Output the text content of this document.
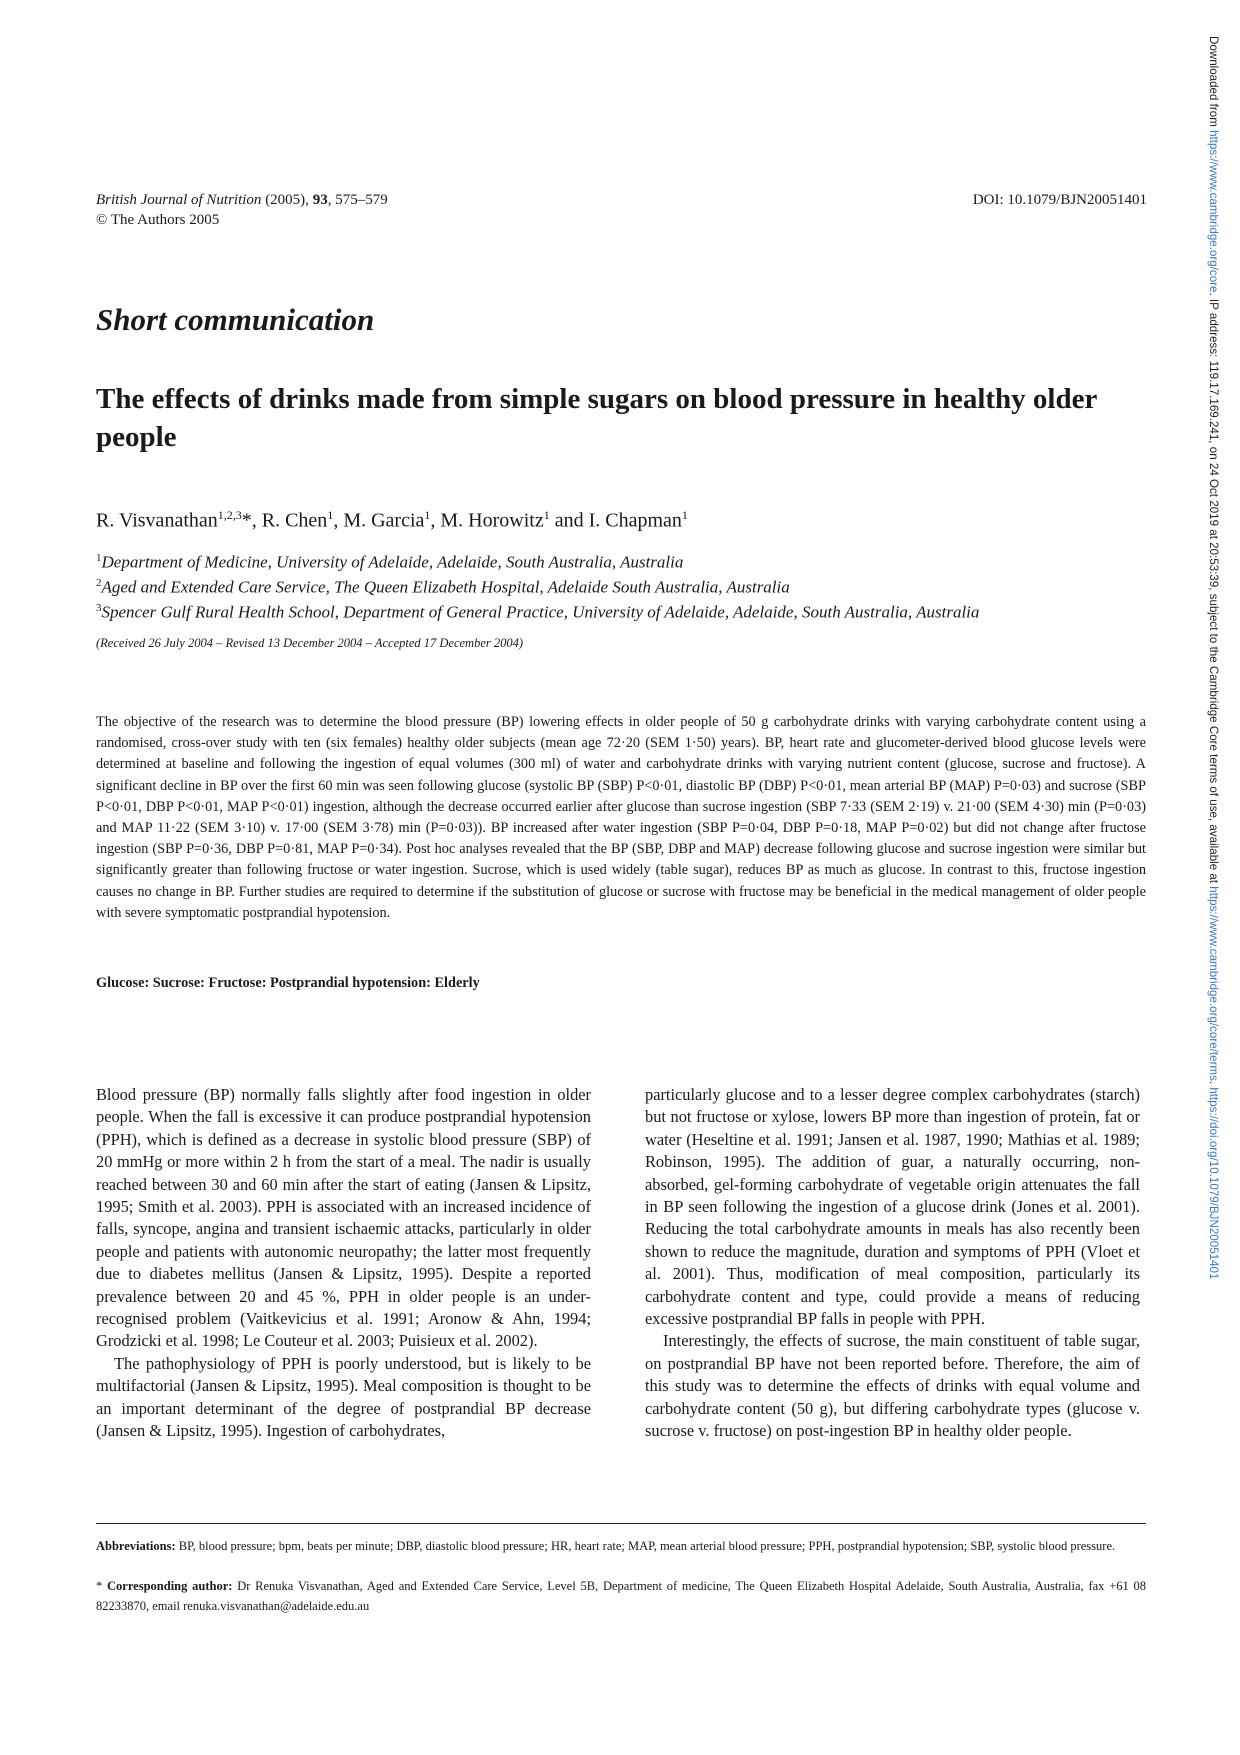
British Journal of Nutrition (2005), 93, 575–579
© The Authors 2005
DOI: 10.1079/BJN20051401
Short communication
The effects of drinks made from simple sugars on blood pressure in healthy older people
R. Visvanathan$^{1,2,3}$*, R. Chen$^1$, M. Garcia$^1$, M. Horowitz$^1$ and I. Chapman$^1$
$^1$Department of Medicine, University of Adelaide, Adelaide, South Australia, Australia
$^2$Aged and Extended Care Service, The Queen Elizabeth Hospital, Adelaide South Australia, Australia
$^3$Spencer Gulf Rural Health School, Department of General Practice, University of Adelaide, Adelaide, South Australia, Australia
(Received 26 July 2004 – Revised 13 December 2004 – Accepted 17 December 2004)

The objective of the research was to determine the blood pressure (BP) lowering effects in older people of 50 g carbohydrate drinks with varying carbohydrate content using a randomised, cross-over study with ten (six females) healthy older subjects (mean age 72·20 (SEM 1·50) years). BP, heart rate and glucometer-derived blood glucose levels were determined at baseline and following the ingestion of equal volumes (300 ml) of water and carbohydrate drinks with varying nutrient content (glucose, sucrose and fructose). A significant decline in BP over the first 60 min was seen following glucose (systolic BP (SBP) P<0·01, diastolic BP (DBP) P<0·01, mean arterial BP (MAP) P=0·03) and sucrose (SBP P<0·01, DBP P<0·01, MAP P<0·01) ingestion, although the decrease occurred earlier after glucose than sucrose ingestion (SBP 7·33 (SEM 2·19) v. 21·00 (SEM 4·30) min (P=0·03) and MAP 11·22 (SEM 3·10) v. 17·00 (SEM 3·78) min (P=0·03)). BP increased after water ingestion (SBP P=0·04, DBP P=0·18, MAP P=0·02) but did not change after fructose ingestion (SBP P=0·36, DBP P=0·81, MAP P=0·34). Post hoc analyses revealed that the BP (SBP, DBP and MAP) decrease following glucose and sucrose ingestion were similar but significantly greater than following fructose or water ingestion. Sucrose, which is used widely (table sugar), reduces BP as much as glucose. In contrast to this, fructose ingestion causes no change in BP. Further studies are required to determine if the substitution of glucose or sucrose with fructose may be beneficial in the medical management of older people with severe symptomatic postprandial hypotension.

Glucose: Sucrose: Fructose: Postprandial hypotension: Elderly

Blood pressure (BP) normally falls slightly after food ingestion in older people. When the fall is excessive it can produce postprandial hypotension (PPH), which is defined as a decrease in systolic blood pressure (SBP) of 20 mmHg or more within 2 h from the start of a meal. The nadir is usually reached between 30 and 60 min after the start of eating (Jansen & Lipsitz, 1995; Smith et al. 2003). PPH is associated with an increased incidence of falls, syncope, angina and transient ischaemic attacks, particularly in older people and patients with autonomic neuropathy; the latter most frequently due to diabetes mellitus (Jansen & Lipsitz, 1995). Despite a reported prevalence between 20 and 45 %, PPH in older people is an under-recognised problem (Vaitkevicius et al. 1991; Aronow & Ahn, 1994; Grodzicki et al. 1998; Le Couteur et al. 2003; Puisieux et al. 2002).

The pathophysiology of PPH is poorly understood, but is likely to be multifactorial (Jansen & Lipsitz, 1995). Meal composition is thought to be an important determinant of the degree of postprandial BP decrease (Jansen & Lipsitz, 1995). Ingestion of carbohydrates,

particularly glucose and to a lesser degree complex carbohydrates (starch) but not fructose or xylose, lowers BP more than ingestion of protein, fat or water (Heseltine et al. 1991; Jansen et al. 1987, 1990; Mathias et al. 1989; Robinson, 1995). The addition of guar, a naturally occurring, non-absorbed, gel-forming carbohydrate of vegetable origin attenuates the fall in BP seen following the ingestion of a glucose drink (Jones et al. 2001). Reducing the total carbohydrate amounts in meals has also recently been shown to reduce the magnitude, duration and symptoms of PPH (Vloet et al. 2001). Thus, modification of meal composition, particularly its carbohydrate content and type, could provide a means of reducing excessive postprandial BP falls in people with PPH.

Interestingly, the effects of sucrose, the main constituent of table sugar, on postprandial BP have not been reported before. Therefore, the aim of this study was to determine the effects of drinks with equal volume and carbohydrate content (50 g), but differing carbohydrate types (glucose v. sucrose v. fructose) on post-ingestion BP in healthy older people.

Abbreviations: BP, blood pressure; bpm, beats per minute; DBP, diastolic blood pressure; HR, heart rate; MAP, mean arterial blood pressure; PPH, postprandial hypotension; SBP, systolic blood pressure.

* Corresponding author: Dr Renuka Visvanathan, Aged and Extended Care Service, Level 5B, Department of medicine, The Queen Elizabeth Hospital Adelaide, South Australia, Australia, fax +61 08 82233870, email renuka.visvanathan@adelaide.edu.au

Downloaded from https://www.cambridge.org/core. IP address: 119.17.169.241, on 24 Oct 2019 at 20:53:39, subject to the Cambridge Core terms of use, available at https://www.cambridge.org/core/terms. https://doi.org/10.1079/BJN20051401
